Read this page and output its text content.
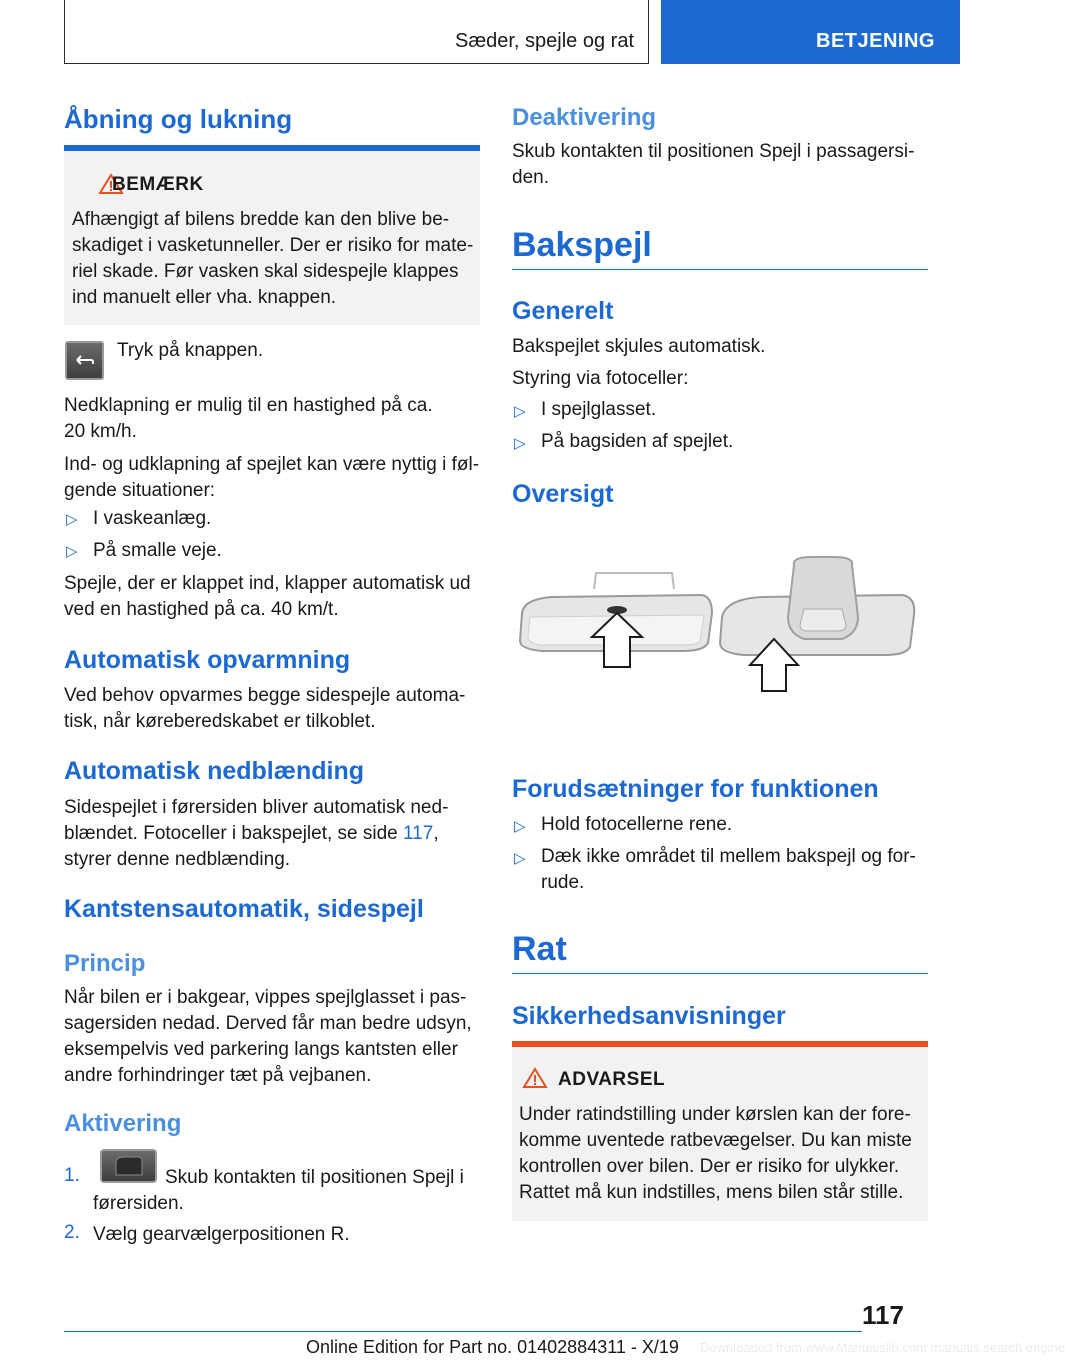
Sæder, spejle og rat	BETJENING
Åbning og lukning
BEMÆRK
Afhængigt af bilens bredde kan den blive be-
skadiget i vasketunneller. Der er risiko for mate-
riel skade. Før vasken skal sidespejle klappes
ind manuelt eller vha. knappen.
Tryk på knappen.
Nedklapning er mulig til en hastighed på ca.
20 km/h.
Ind- og udklapning af spejlet kan være nyttig i føl-
gende situationer:
▷ I vaskeanlæg.
▷ På smalle veje.
Spejle, der er klappet ind, klapper automatisk ud
ved en hastighed på ca. 40 km/t.
Automatisk opvarmning
Ved behov opvarmes begge sidespejle automa-
tisk, når køreberedskabet er tilkoblet.
Automatisk nedblænding
Sidespejlet i førersiden bliver automatisk ned-
blændet. Fotoceller i bakspejlet, se side 117,
styrer denne nedblænding.
Kantstensautomatik, sidespejl
Princip
Når bilen er i bakgear, vippes spejlglasset i pas-
sagersiden nedad. Derved får man bedre udsyn,
eksempelvis ved parkering langs kantsten eller
andre forhindringer tæt på vejbanen.
Aktivering
1.	Skub kontakten til positionen Spejl i
førersiden.
2. Vælg gearvælgerpositionen R.
Deaktivering
Skub kontakten til positionen Spejl i passagersi-
den.
Bakspejl
Generelt
Bakspejlet skjules automatisk.
Styring via fotoceller:
▷ I spejlglasset.
▷ På bagsiden af spejlet.
Oversigt
Forudsætninger for funktionen
▷ Hold fotocellerne rene.
▷ Dæk ikke området til mellem bakspejl og for-
rude.
Rat
Sikkerhedsanvisninger
ADVARSEL
Under ratindstilling under kørslen kan der fore-
komme uventede ratbevægelser. Du kan miste
kontrollen over bilen. Der er risiko for ulykker.
Rattet må kun indstilles, mens bilen står stille.
117
Online Edition for Part no. 01402884311 - X/19 Downloaded from www.Manualslib.com manuals search engine
